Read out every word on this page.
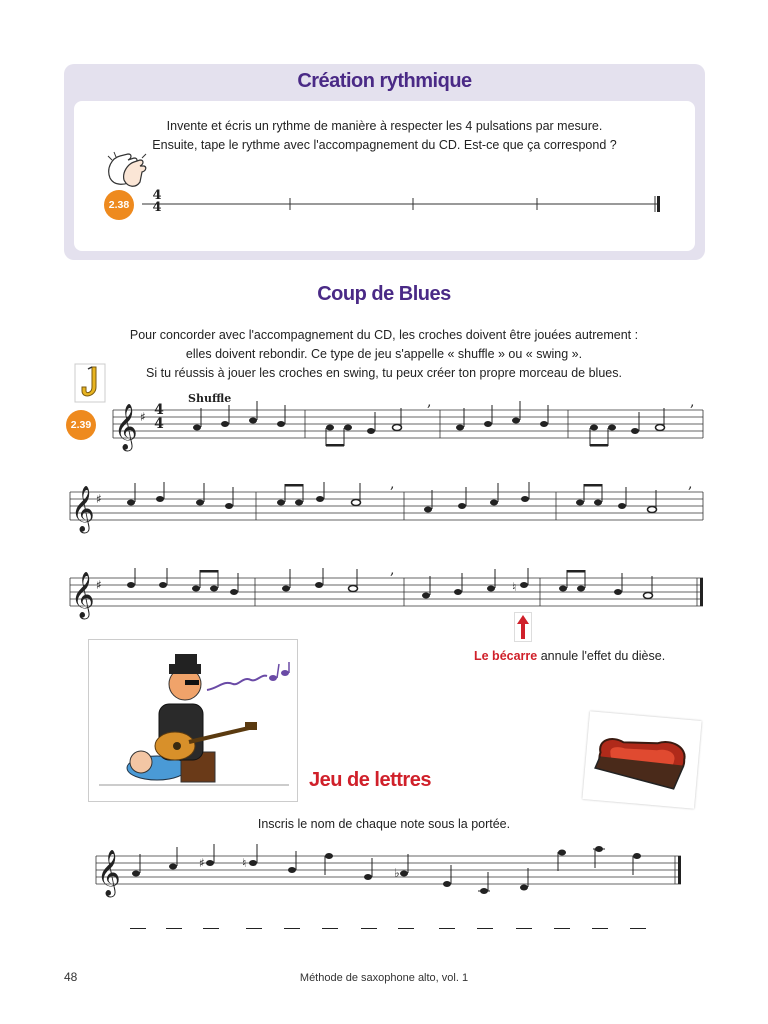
Création rythmique
Invente et écris un rythme de manière à respecter les 4 pulsations par mesure.
Ensuite, tape le rythme avec l'accompagnement du CD. Est-ce que ça correspond ?
2.38
4
4
Coup de Blues
Pour concorder avec l'accompagnement du CD, les croches doivent être jouées autrement :
elles doivent rebondir. Ce type de jeu s'appelle « shuffle » ou « swing ».
Si tu réussis à jouer les croches en swing, tu peux créer ton propre morceau de blues.
2.39
Shuffle
𝄞 ♯
,	,
4
4
𝄞 ♯
,	,
𝄞 ♯	♮
,
Le bécarre annule l'effet du dièse.
Jeu de lettres
Inscris le nom de chaque note sous la portée.
𝄞	♯	♮
♭
48	Méthode de saxophone alto, vol. 1
